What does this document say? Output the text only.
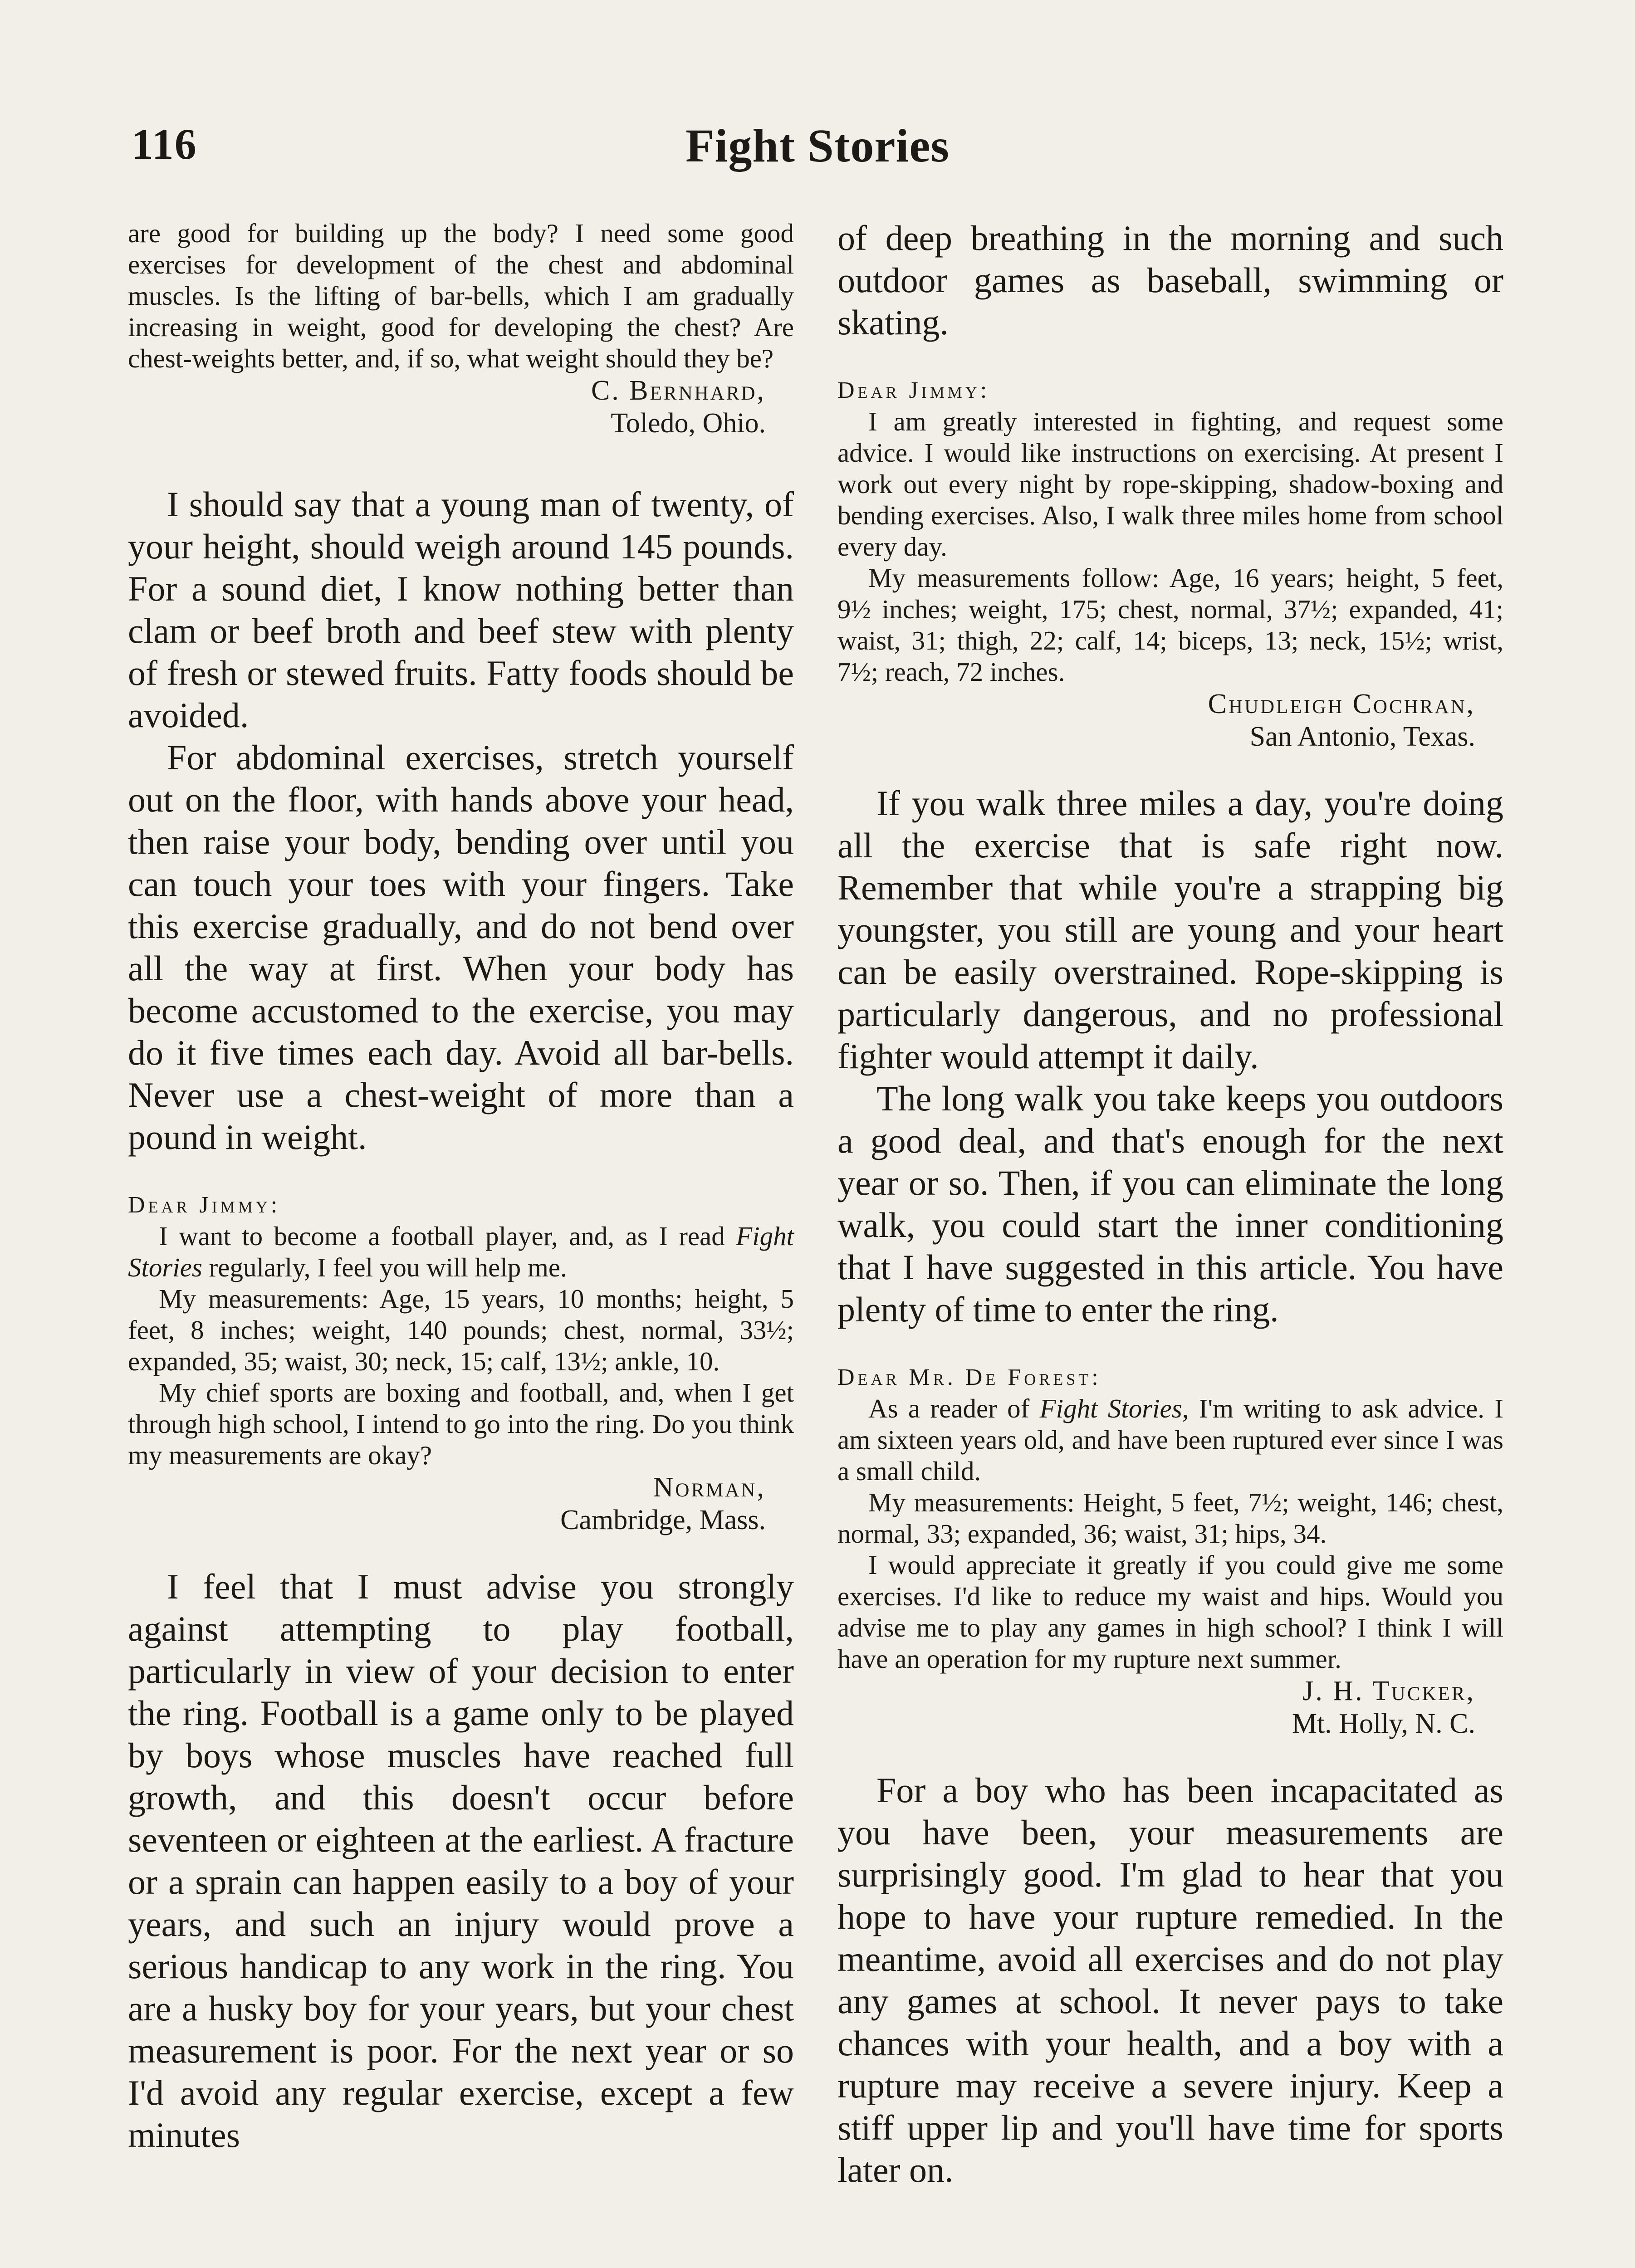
116	Fight Stories

are good for building up the body? I need some good exercises for development of the chest and abdominal muscles. Is the lifting of bar-bells, which I am gradually increasing in weight, good for developing the chest? Are chest-weights better, and, if so, what weight should they be?

C. Bernhard,
Toledo, Ohio.

I should say that a young man of twenty, of your height, should weigh around 145 pounds. For a sound diet, I know nothing better than clam or beef broth and beef stew with plenty of fresh or stewed fruits. Fatty foods should be avoided.

For abdominal exercises, stretch yourself out on the floor, with hands above your head, then raise your body, bending over until you can touch your toes with your fingers. Take this exercise gradually, and do not bend over all the way at first. When your body has become accustomed to the exercise, you may do it five times each day. Avoid all bar-bells. Never use a chest-weight of more than a pound in weight.

Dear Jimmy:

I want to become a football player, and, as I read Fight Stories regularly, I feel you will help me.

My measurements: Age, 15 years, 10 months; height, 5 feet, 8 inches; weight, 140 pounds; chest, normal, 33½; expanded, 35; waist, 30; neck, 15; calf, 13½; ankle, 10.

My chief sports are boxing and football, and, when I get through high school, I intend to go into the ring. Do you think my measurements are okay?

Norman,
Cambridge, Mass.

I feel that I must advise you strongly against attempting to play football, particularly in view of your decision to enter the ring. Football is a game only to be played by boys whose muscles have reached full growth, and this doesn't occur before seventeen or eighteen at the earliest. A fracture or a sprain can happen easily to a boy of your years, and such an injury would prove a serious handicap to any work in the ring. You are a husky boy for your years, but your chest measurement is poor. For the next year or so I'd avoid any regular exercise, except a few minutes

of deep breathing in the morning and such outdoor games as baseball, swimming or skating.

Dear Jimmy:

I am greatly interested in fighting, and request some advice. I would like instructions on exercising. At present I work out every night by rope-skipping, shadow-boxing and bending exercises. Also, I walk three miles home from school every day.

My measurements follow: Age, 16 years; height, 5 feet, 9½ inches; weight, 175; chest, normal, 37½; expanded, 41; waist, 31; thigh, 22; calf, 14; biceps, 13; neck, 15½; wrist, 7½; reach, 72 inches.

Chudleigh Cochran,
San Antonio, Texas.

If you walk three miles a day, you're doing all the exercise that is safe right now. Remember that while you're a strapping big youngster, you still are young and your heart can be easily overstrained. Rope-skipping is particularly dangerous, and no professional fighter would attempt it daily.

The long walk you take keeps you outdoors a good deal, and that's enough for the next year or so. Then, if you can eliminate the long walk, you could start the inner conditioning that I have suggested in this article. You have plenty of time to enter the ring.

Dear Mr. De Forest:

As a reader of Fight Stories, I'm writing to ask advice. I am sixteen years old, and have been ruptured ever since I was a small child.

My measurements: Height, 5 feet, 7½; weight, 146; chest, normal, 33; expanded, 36; waist, 31; hips, 34.

I would appreciate it greatly if you could give me some exercises. I'd like to reduce my waist and hips. Would you advise me to play any games in high school? I think I will have an operation for my rupture next summer.

J. H. Tucker,
Mt. Holly, N. C.

For a boy who has been incapacitated as you have been, your measurements are surprisingly good. I'm glad to hear that you hope to have your rupture remedied. In the meantime, avoid all exercises and do not play any games at school. It never pays to take chances with your health, and a boy with a rupture may receive a severe injury. Keep a stiff upper lip and you'll have time for sports later on.
